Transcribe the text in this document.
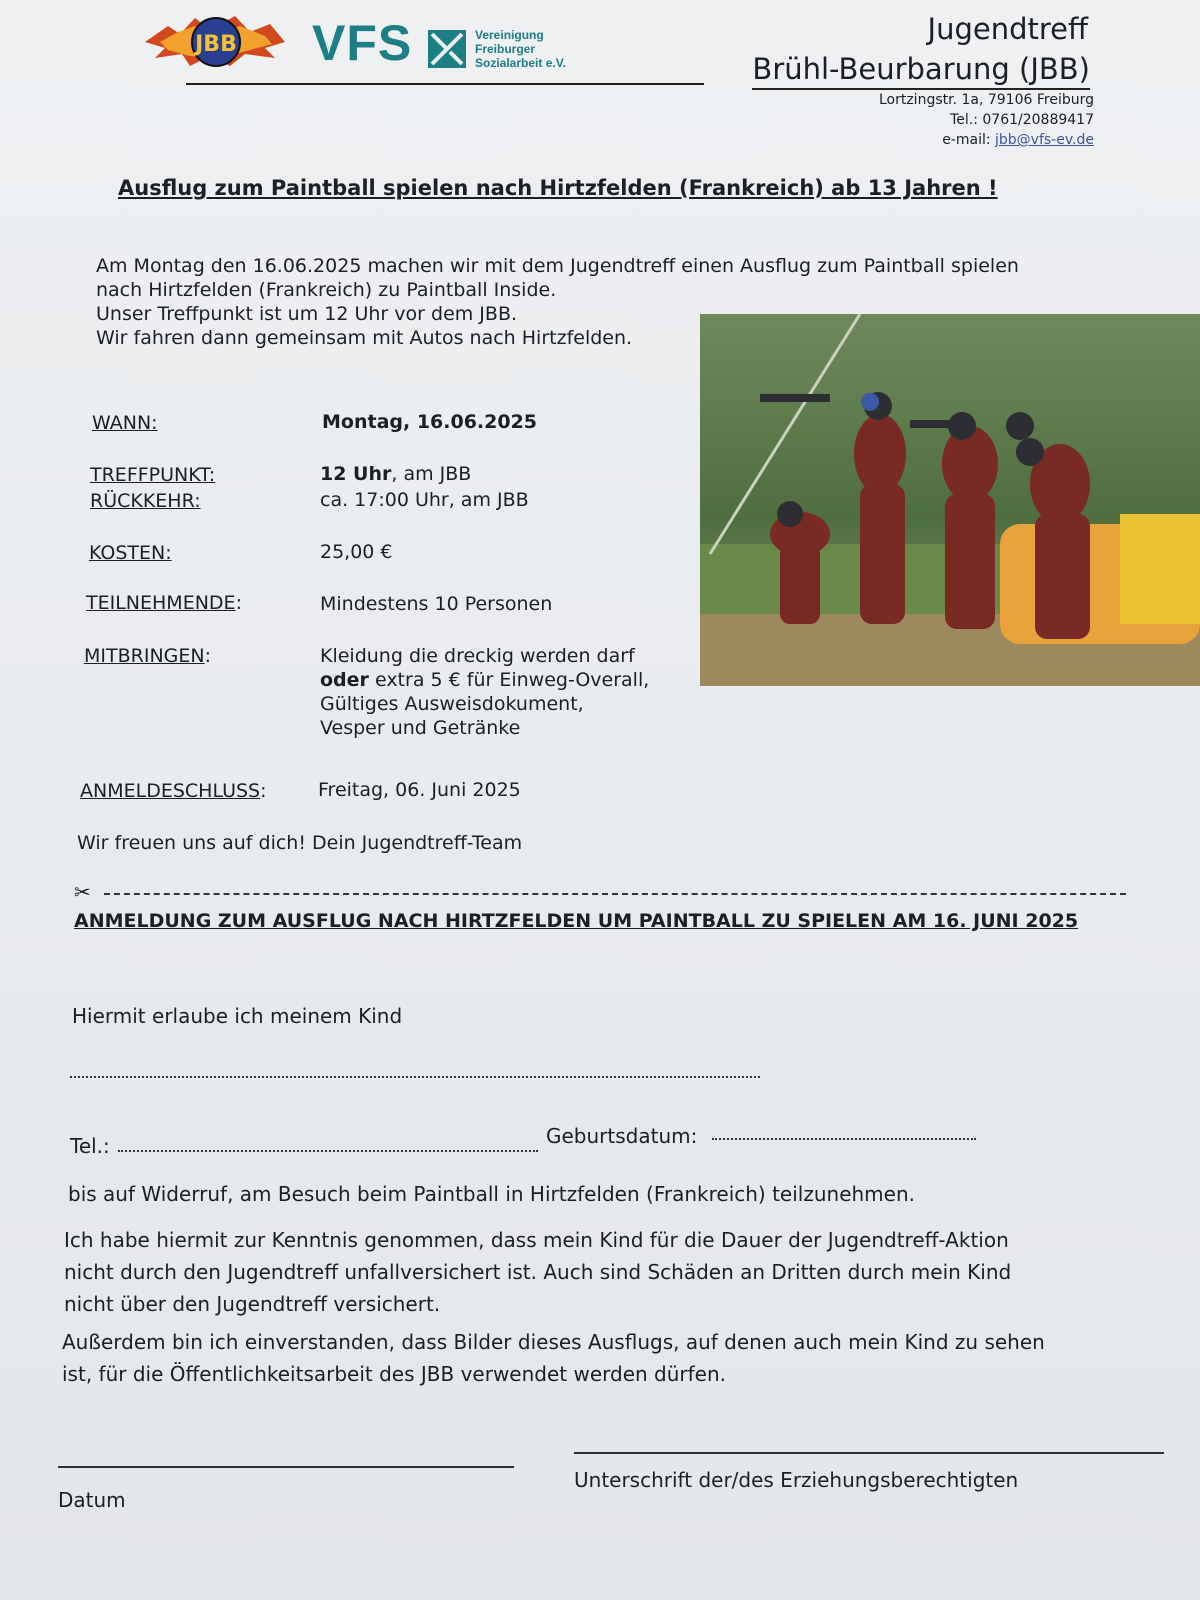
JBB VFS	Vereinigung
Freiburger
Sozialarbeit e.V.
Jugendtreff
Brühl-Beurbarung (JBB)
Lortzingstr. 1a, 79106 Freiburg
Tel.: 0761/20889417
e-mail: jbb@vfs-ev.de
Ausflug zum Paintball spielen nach Hirtzfelden (Frankreich) ab 13 Jahren !
Am Montag den 16.06.2025 machen wir mit dem Jugendtreff einen Ausflug zum Paintball spielen
nach Hirtzfelden (Frankreich) zu Paintball Inside.
Unser Treffpunkt ist um 12 Uhr vor dem JBB.
Wir fahren dann gemeinsam mit Autos nach Hirtzfelden.
WANN:	Montag, 16.06.2025
TREFFPUNKT:	12 Uhr, am JBB
RÜCKKEHR:	ca. 17:00 Uhr, am JBB
KOSTEN:	25,00 €
TEILNEHMENDE:	Mindestens 10 Personen
MITBRINGEN:	Kleidung die dreckig werden darf
oder extra 5 € für Einweg-Overall,
Gültiges Ausweisdokument,
Vesper und Getränke
ANMELDESCHLUSS:	Freitag, 06. Juni 2025
Wir freuen uns auf dich! Dein Jugendtreff-Team
✂
ANMELDUNG ZUM AUSFLUG NACH HIRTZFELDEN UM PAINTBALL ZU SPIELEN AM 16. JUNI 2025
Hiermit erlaube ich meinem Kind
Tel.:	Geburtsdatum:
bis auf Widerruf, am Besuch beim Paintball in Hirtzfelden (Frankreich) teilzunehmen.
Ich habe hiermit zur Kenntnis genommen, dass mein Kind für die Dauer der Jugendtreff-Aktion
nicht durch den Jugendtreff unfallversichert ist. Auch sind Schäden an Dritten durch mein Kind
nicht über den Jugendtreff versichert.
Außerdem bin ich einverstanden, dass Bilder dieses Ausflugs, auf denen auch mein Kind zu sehen
ist, für die Öffentlichkeitsarbeit des JBB verwendet werden dürfen.
Datum
Unterschrift der/des Erziehungsberechtigten
